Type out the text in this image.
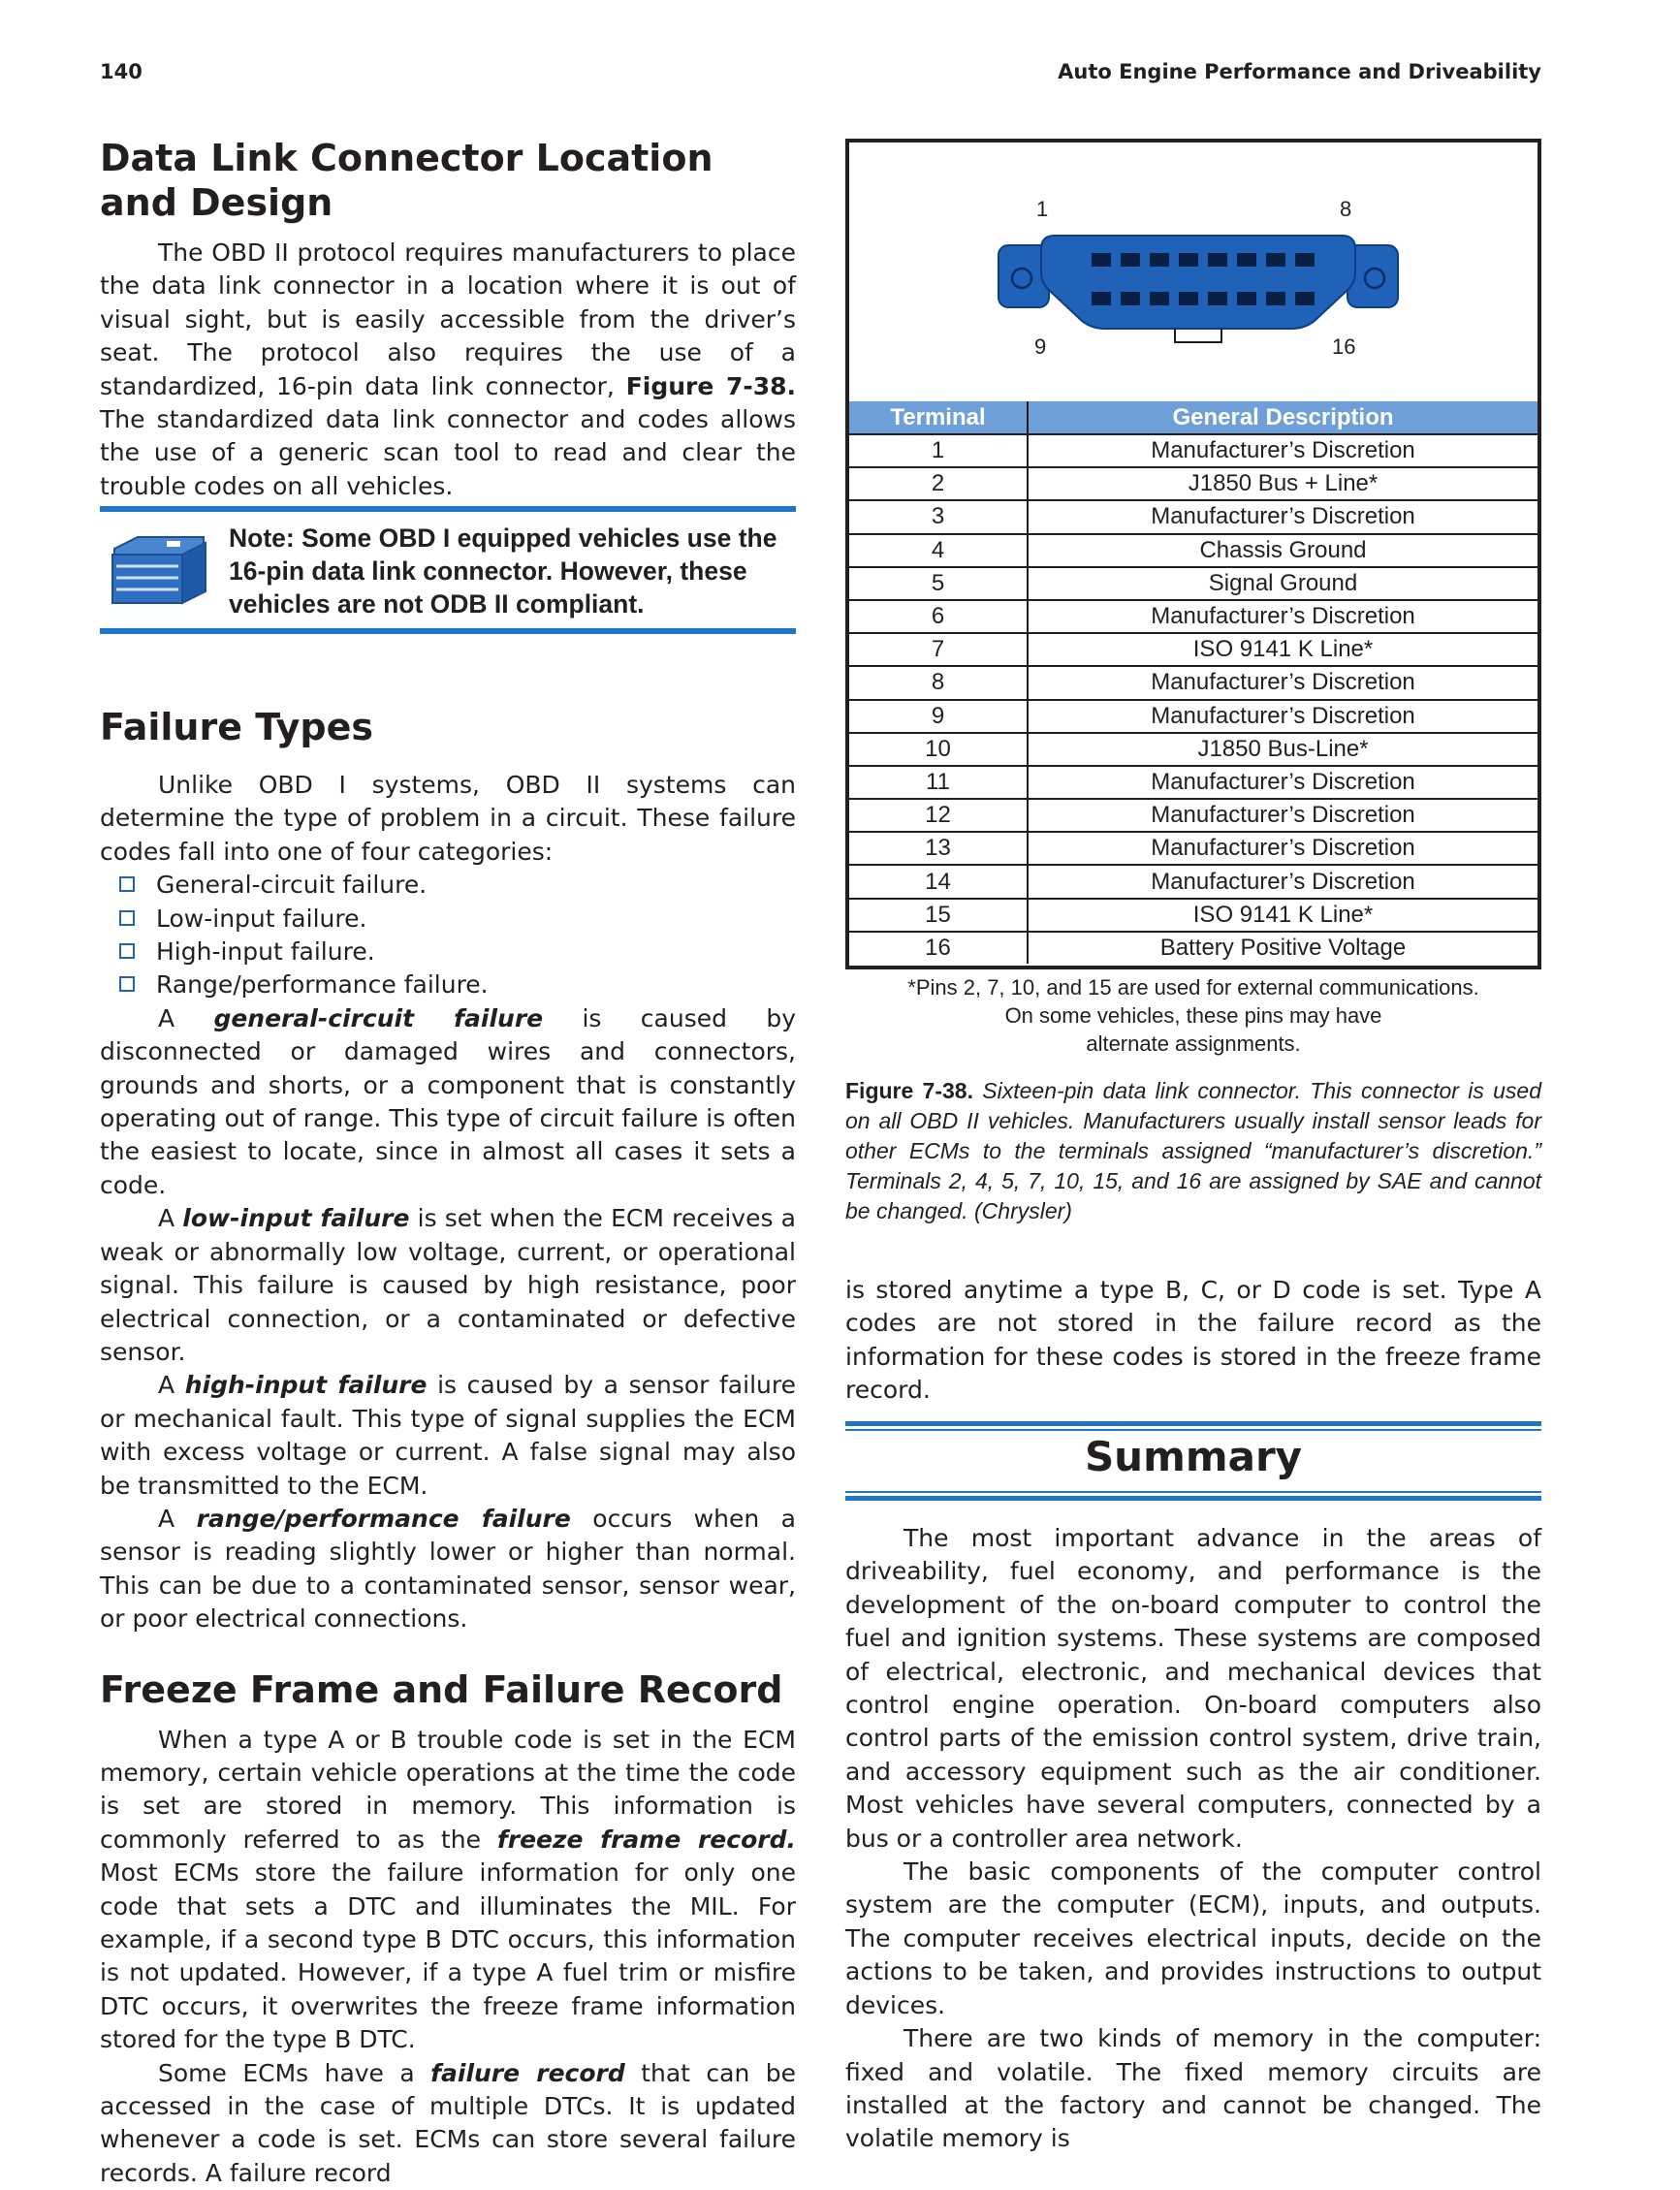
140	Auto Engine Performance and Driveability
Data Link Connector Location
and Design

The OBD II protocol requires manufacturers to place the data link connector in a location where it is out of visual sight, but is easily accessible from the driver’s seat. The protocol also requires the use of a standardized, 16-pin data link connector, Figure 7-38. The standardized data link connector and codes allows the use of a generic scan tool to read and clear the trouble codes on all vehicles.

Note: Some OBD I equipped vehicles use the 16-pin data link connector. However, these vehicles are not ODB II compliant.
Failure Types

Unlike OBD I systems, OBD II systems can determine the type of problem in a circuit. These failure codes fall into one of four categories:

General-circuit failure.
Low-input failure.
High-input failure.
Range/performance failure.

A general-circuit failure is caused by disconnected or damaged wires and connectors, grounds and shorts, or a component that is constantly operating out of range. This type of circuit failure is often the easiest to locate, since in almost all cases it sets a code.

A low-input failure is set when the ECM receives a weak or abnormally low voltage, current, or operational signal. This failure is caused by high resistance, poor electrical connection, or a contaminated or defective sensor.

A high-input failure is caused by a sensor failure or mechanical fault. This type of signal supplies the ECM with excess voltage or current. A false signal may also be transmitted to the ECM.

A range/performance failure occurs when a sensor is reading slightly lower or higher than normal. This can be due to a contaminated sensor, sensor wear, or poor electrical connections.

Freeze Frame and Failure Record

When a type A or B trouble code is set in the ECM memory, certain vehicle operations at the time the code is set are stored in memory. This information is commonly referred to as the freeze frame record. Most ECMs store the failure information for only one code that sets a DTC and illuminates the MIL. For example, if a second type B DTC occurs, this information is not updated. However, if a type A fuel trim or misfire DTC occurs, it overwrites the freeze frame information stored for the type B DTC.

Some ECMs have a failure record that can be accessed in the case of multiple DTCs. It is updated whenever a code is set. ECMs can store several failure records. A failure record

1	8
9	16
Terminal	General Description
1	Manufacturer’s Discretion
2	J1850 Bus + Line*
3	Manufacturer’s Discretion
4	Chassis Ground
5	Signal Ground
6	Manufacturer’s Discretion
7	ISO 9141 K Line*
8	Manufacturer’s Discretion
9	Manufacturer’s Discretion
10	J1850 Bus-Line*
11	Manufacturer’s Discretion
12	Manufacturer’s Discretion
13	Manufacturer’s Discretion
14	Manufacturer’s Discretion
15	ISO 9141 K Line*
16	Battery Positive Voltage
*Pins 2, 7, 10, and 15 are used for external communications.
On some vehicles, these pins may have
alternate assignments.
Figure 7-38. Sixteen-pin data link connector. This connector is used on all OBD II vehicles. Manufacturers usually install sensor leads for other ECMs to the terminals assigned “manufacturer’s discretion.” Terminals 2, 4, 5, 7, 10, 15, and 16 are assigned by SAE and cannot be changed. (Chrysler)

is stored anytime a type B, C, or D code is set. Type A codes are not stored in the failure record as the information for these codes is stored in the freeze frame record.

Summary

The most important advance in the areas of driveability, fuel economy, and performance is the development of the on-board computer to control the fuel and ignition systems. These systems are composed of electrical, electronic, and mechanical devices that control engine operation. On-board computers also control parts of the emission control system, drive train, and accessory equipment such as the air conditioner. Most vehicles have several computers, connected by a bus or a controller area network.

The basic components of the computer control system are the computer (ECM), inputs, and outputs. The computer receives electrical inputs, decide on the actions to be taken, and provides instructions to output devices.

There are two kinds of memory in the computer: fixed and volatile. The fixed memory circuits are installed at the factory and cannot be changed. The volatile memory is
